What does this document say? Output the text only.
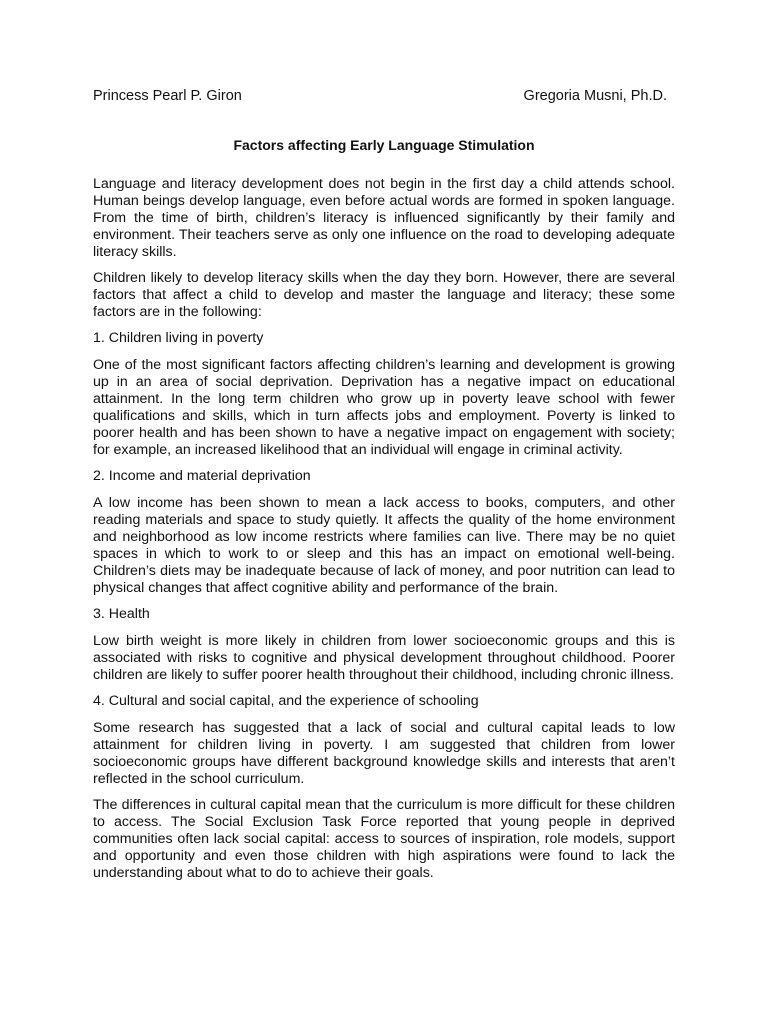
Princess Pearl P. Giron	Gregoria Musni, Ph.D.
Factors affecting Early Language Stimulation

Language and literacy development does not begin in the first day a child attends school. Human beings develop language, even before actual words are formed in spoken language. From the time of birth, children’s literacy is influenced significantly by their family and environment. Their teachers serve as only one influence on the road to developing adequate literacy skills.

Children likely to develop literacy skills when the day they born. However, there are several factors that affect a child to develop and master the language and literacy; these some factors are in the following:

1. Children living in poverty

One of the most significant factors affecting children’s learning and development is growing up in an area of social deprivation. Deprivation has a negative impact on educational attainment. In the long term children who grow up in poverty leave school with fewer qualifications and skills, which in turn affects jobs and employment. Poverty is linked to poorer health and has been shown to have a negative impact on engagement with society; for example, an increased likelihood that an individual will engage in criminal activity.

2. Income and material deprivation

A low income has been shown to mean a lack access to books, computers, and other reading materials and space to study quietly. It affects the quality of the home environment and neighborhood as low income restricts where families can live. There may be no quiet spaces in which to work to or sleep and this has an impact on emotional well-being. Children’s diets may be inadequate because of lack of money, and poor nutrition can lead to physical changes that affect cognitive ability and performance of the brain.

3. Health

Low birth weight is more likely in children from lower socioeconomic groups and this is associated with risks to cognitive and physical development throughout childhood. Poorer children are likely to suffer poorer health throughout their childhood, including chronic illness.

4. Cultural and social capital, and the experience of schooling

Some research has suggested that a lack of social and cultural capital leads to low attainment for children living in poverty. I am suggested that children from lower socioeconomic groups have different background knowledge skills and interests that aren’t reflected in the school curriculum.

The differences in cultural capital mean that the curriculum is more difficult for these children to access. The Social Exclusion Task Force reported that young people in deprived communities often lack social capital: access to sources of inspiration, role models, support and opportunity and even those children with high aspirations were found to lack the understanding about what to do to achieve their goals.
